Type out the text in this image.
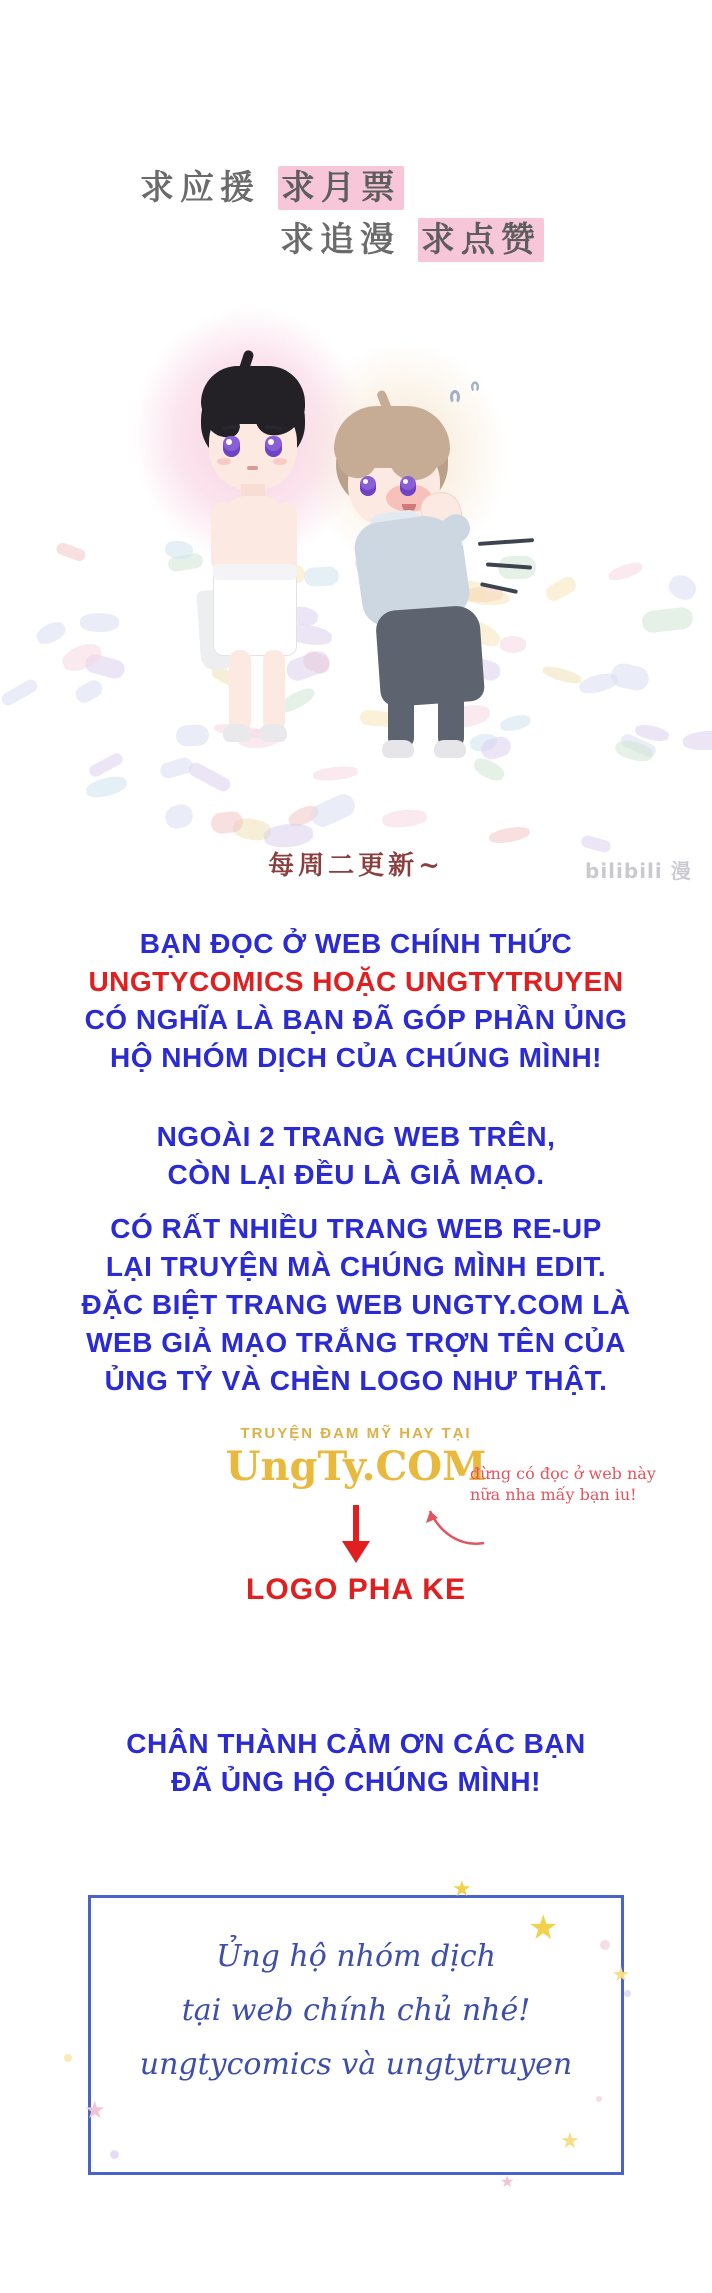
求应援 求月票
求追漫 求点赞
每周二更新~	bilibili 漫
BẠN ĐỌC Ở WEB CHÍNH THỨC
UNGTYCOMICS HOẶC UNGTYTRUYEN
CÓ NGHĨA LÀ BẠN ĐÃ GÓP PHẦN ỦNG
HỘ NHÓM DỊCH CỦA CHÚNG MÌNH!
NGOÀI 2 TRANG WEB TRÊN,
CÒN LẠI ĐỀU LÀ GIẢ MẠO.
CÓ RẤT NHIỀU TRANG WEB RE-UP
LẠI TRUYỆN MÀ CHÚNG MÌNH EDIT.
ĐẶC BIỆT TRANG WEB UNGTY.COM LÀ
WEB GIẢ MẠO TRẮNG TRỢN TÊN CỦA
ỦNG TỶ VÀ CHÈN LOGO NHƯ THẬT.
TRUYỆN ĐAM MỸ HAY TẠI
UngTy.COM
đừng có đọc ở web này nữa nha mấy bạn iu!
LOGO PHA KE
CHÂN THÀNH CẢM ƠN CÁC BẠN
ĐÃ ỦNG HỘ CHÚNG MÌNH!
Ủng hộ nhóm dịch
tại web chính chủ nhé!
ungtycomics và ungtytruyen
★
★
★
★
★
★
